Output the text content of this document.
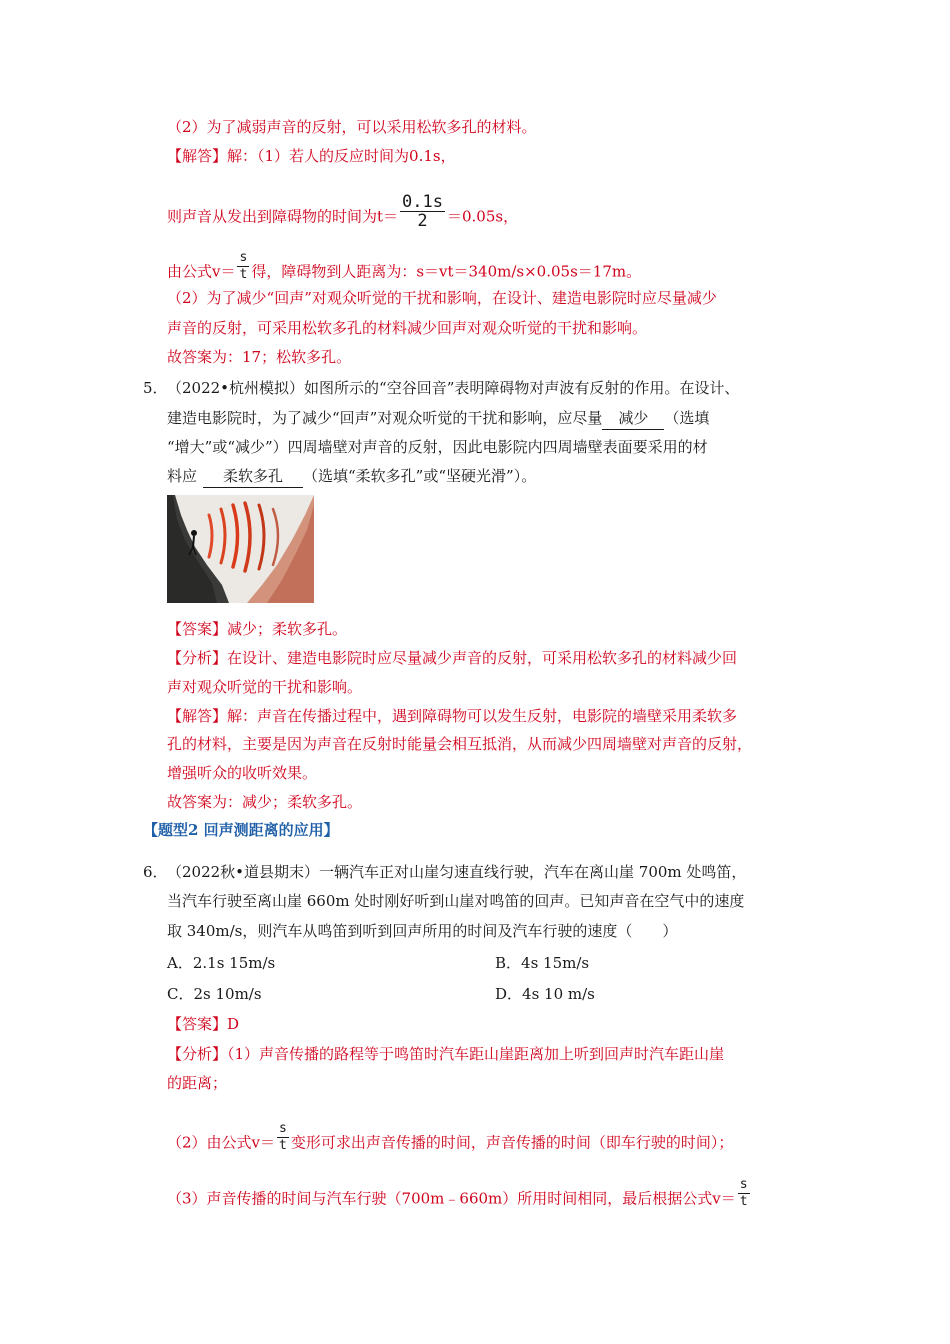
（2）为了减弱声音的反射，可以采用松软多孔的材料。
【解答】解：（1）若人的反应时间为0.1s，
则声音从发出到障碍物的时间为$t= \frac{0.1s}{2} =0.05s$，
由公式$v= \frac{s}{t}$ 得，障碍物到人距离为：s＝vt＝340m/s×0.05s＝17m。
（2）为了减少“回声”对观众听觉的干扰和影响，在设计、建造电影院时应尽量减少
声音的反射，可采用松软多孔的材料减少回声对观众听觉的干扰和影响。
故答案为：17；松软多孔。
5． （2022•杭州模拟）如图所示的“空谷回音”表明障碍物对声波有反射的作用。在设计、
建造电影院时，为了减少“回声”对观众听觉的干扰和影响，应尽量 减少 （选填
“增大”或“减少”）四周墙壁对声音的反射，因此电影院内四周墙壁表面要采用的材
料应 柔软多孔 （选填“柔软多孔”或“坚硬光滑”）。
【答案】减少；柔软多孔。
【分析】在设计、建造电影院时应尽量减少声音的反射，可采用松软多孔的材料减少回
声对观众听觉的干扰和影响。
【解答】解：声音在传播过程中，遇到障碍物可以发生反射，电影院的墙壁采用柔软多
孔的材料，主要是因为声音在反射时能量会相互抵消，从而减少四周墙壁对声音的反射，
增强听众的收听效果。
故答案为：减少；柔软多孔。
【题型2 回声测距离的应用】
6． （2022秋•道县期末）一辆汽车正对山崖匀速直线行驶，汽车在离山崖 700m 处鸣笛，
当汽车行驶至离山崖 660m 处时刚好听到山崖对鸣笛的回声。已知声音在空气中的速度
取 340m/s，则汽车从鸣笛到听到回声所用的时间及汽车行驶的速度（　　）
A．2.1s 15m/s	B．4s 15m/s
C．2s 10m/s	D．4s 10 m/s
【答案】D
【分析】（1）声音传播的路程等于鸣笛时汽车距山崖距离加上听到回声时汽车距山崖
的距离；
（2）由公式$v= \frac{s}{t}$ 变形可求出声音传播的时间，声音传播的时间（即车行驶的时间）；
（3）声音传播的时间与汽车行驶（700m﹣660m）所用时间相同，最后根据公式$v= \frac{s}{t}$
